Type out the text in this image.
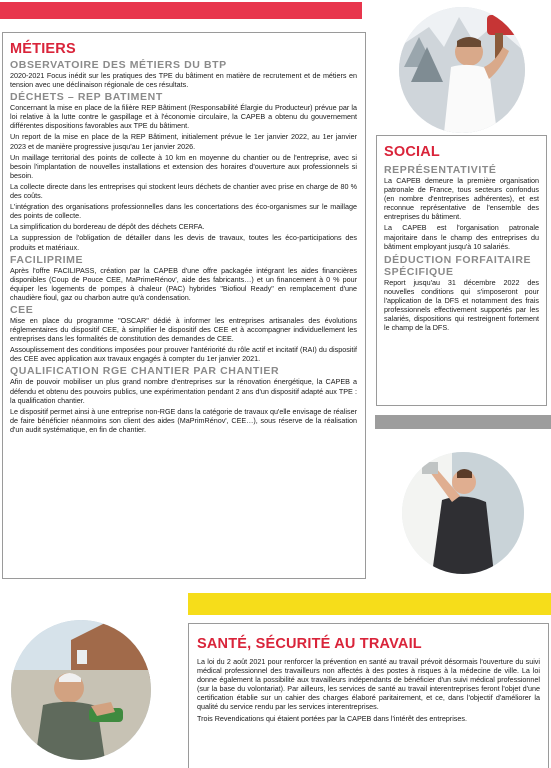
MÉTIERS
OBSERVATOIRE DES MÉTIERS DU BTP

2020-2021 Focus inédit sur les pratiques des TPE du bâtiment en matière de recrutement et de métiers en tension avec une déclinaison régionale de ces résultats.

DÉCHETS – REP BATIMENT

Concernant la mise en place de la filière REP Bâtiment (Responsabilité Élargie du Producteur) prévue par la loi relative à la lutte contre le gaspillage et à l'économie circulaire, la CAPEB a obtenu du gouvernement différentes dispositions favorables aux TPE du bâtiment.

Un report de la mise en place de la REP Bâtiment, initialement prévue le 1er janvier 2022, au 1er janvier 2023 et de manière progressive jusqu'au 1er janvier 2026.

Un maillage territorial des points de collecte à 10 km en moyenne du chantier ou de l'entreprise, avec si besoin l'implantation de nouvelles installations et extension des horaires d'ouverture aux professionnels si besoin.

La collecte directe dans les entreprises qui stockent leurs déchets de chantier avec prise en charge de 80 % des coûts.

L'intégration des organisations professionnelles dans les concertations des éco-organismes sur le maillage des points de collecte.

La simplification du bordereau de dépôt des déchets CERFA.

La suppression de l'obligation de détailler dans les devis de travaux, toutes les éco-participations des produits et matériaux.

FACILIPRIME

Après l'offre FACILIPASS, création par la CAPEB d'une offre packagée intégrant les aides financières disponibles (Coup de Pouce CEE, MaPrimeRénov', aide des fabricants…) et un financement à 0 % pour équiper les logements de pompes à chaleur (PAC) hybrides "Biofioul Ready" en remplacement d'une chaudière fioul, gaz ou charbon autre qu'à condensation.

CEE

Mise en place du programme "OSCAR" dédié à informer les entreprises artisanales des évolutions réglementaires du dispositif CEE, à simplifier le dispositif des CEE et à accompagner individuellement les entreprises dans les formalités de constitution des demandes de CEE.

Assouplissement des conditions imposées pour prouver l'antériorité du rôle actif et incitatif (RAI) du dispositif des CEE avec application aux travaux engagés à compter du 1er janvier 2021.

QUALIFICATION RGE CHANTIER PAR CHANTIER

Afin de pouvoir mobiliser un plus grand nombre d'entreprises sur la rénovation énergétique, la CAPEB a défendu et obtenu des pouvoirs publics, une expérimentation pendant 2 ans d'un dispositif adapté aux TPE : la qualification chantier.

Le dispositif permet ainsi à une entreprise non-RGE dans la catégorie de travaux qu'elle envisage de réaliser de faire bénéficier néanmoins son client des aides (MaPrimRénov', CEE…), sous réserve de la réalisation d'un audit systématique, en fin de chantier.

SOCIAL
REPRÉSENTATIVITÉ

La CAPEB demeure la première organisation patronale de France, tous secteurs confondus (en nombre d'entreprises adhérentes), et est reconnue représentative de l'ensemble des entreprises du bâtiment.

La CAPEB est l'organisation patronale majoritaire dans le champ des entreprises du bâtiment employant jusqu'à 10 salariés.

DÉDUCTION FORFAITAIRE SPÉCIFIQUE

Report jusqu'au 31 décembre 2022 des nouvelles conditions qui s'imposeront pour l'application de la DFS et notamment des frais professionnels effectivement supportés par les salariés, dispositions qui restreignent fortement le champ de la DFS.

SANTÉ, SÉCURITÉ AU TRAVAIL

La loi du 2 août 2021 pour renforcer la prévention en santé au travail prévoit désormais l'ouverture du suivi médical professionnel des travailleurs non affectés à des postes à risques à la médecine de ville. La loi donne également la possibilité aux travailleurs indépendants de bénéficier d'un suivi médical professionnel (sur la base du volontariat). Par ailleurs, les services de santé au travail interentreprises feront l'objet d'une certification établie sur un cahier des charges élaboré paritairement, et ce, dans l'objectif d'améliorer la qualité du service rendu par les services interentreprises.

Trois Revendications qui étaient portées par la CAPEB dans l'intérêt des entreprises.
